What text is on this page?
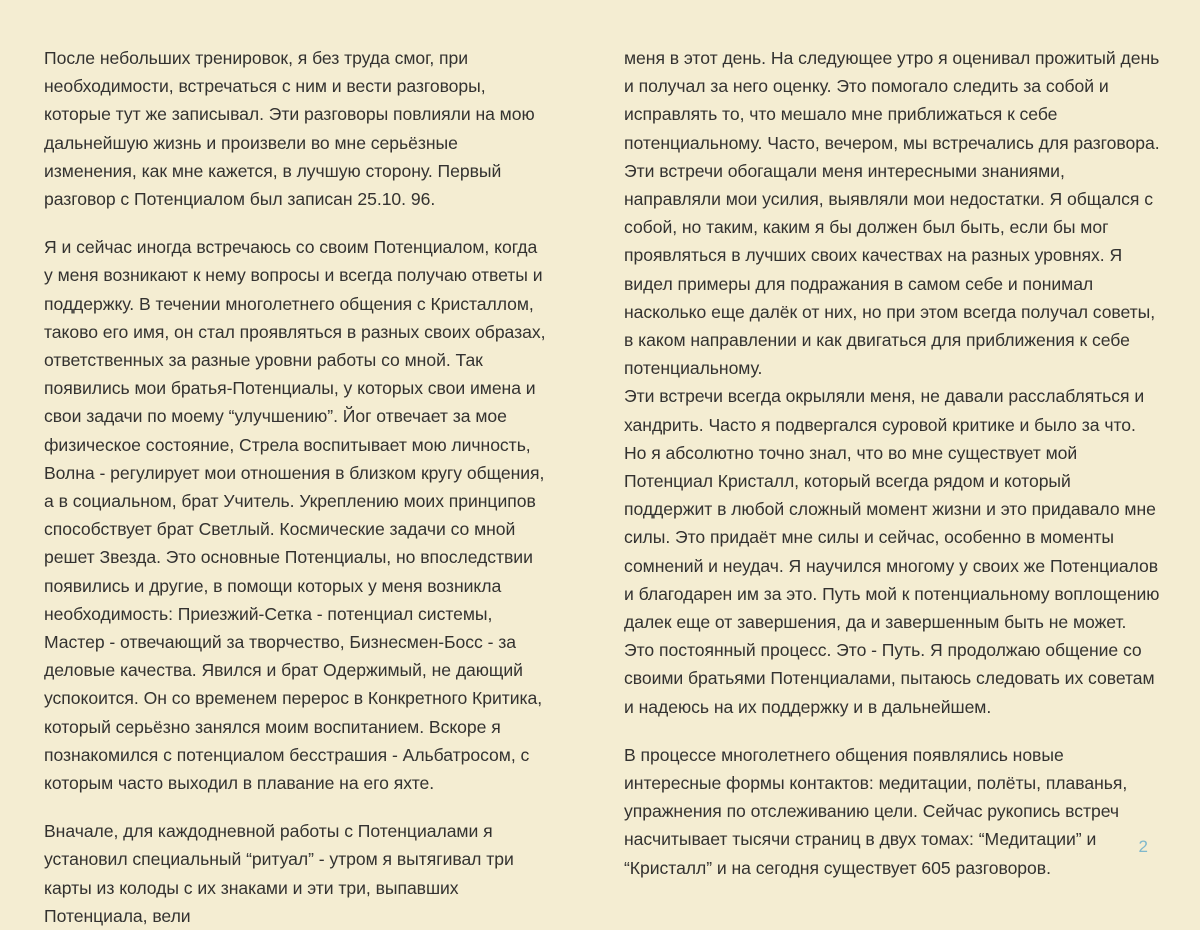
После небольших тренировок, я без труда смог, при необходимости, встречаться с ним и вести разговоры, которые тут же записывал. Эти разговоры повлияли на мою дальнейшую жизнь и произвели во мне серьёзные изменения, как мне кажется, в лучшую сторону. Первый разговор с Потенциалом был записан 25.10. 96.

Я и сейчас иногда встречаюсь со своим Потенциалом, когда у меня возникают к нему вопросы и всегда получаю ответы и поддержку. В течении многолетнего общения с Кристаллом, таково его имя, он стал проявляться в разных своих образах, ответственных за разные уровни работы со мной. Так появились мои братья-Потенциалы, у которых свои имена и свои задачи по моему “улучшению”. Йог отвечает за мое физическое состояние, Стрела воспитывает мою личность, Волна - регулирует мои отношения в близком кругу общения, а в социальном, брат Учитель. Укреплению моих принципов способствует брат Светлый. Космические задачи со мной решет Звезда. Это основные Потенциалы, но впоследствии появились и другие, в помощи которых у меня возникла необходимость: Приезжий-Сетка - потенциал системы, Мастер - отвечающий за творчество, Бизнесмен-Босс - за деловые качества. Явился и брат Одержимый, не дающий успокоится. Он со временем перерос в Конкретного Критика, который серьёзно занялся моим воспитанием. Вскоре я познакомился с потенциалом бесстрашия - Альбатросом, с которым часто выходил в плавание на его яхте.

Вначале, для каждодневной работы с Потенциалами я установил специальный “ритуал” - утром я вытягивал три карты из колоды с их знаками и эти три, выпавших Потенциала, вели

меня в этот день. На следующее утро я оценивал прожитый день и получал за него оценку. Это помогало следить за собой и исправлять то, что мешало мне приближаться к себе потенциальному. Часто, вечером, мы встречались для разговора. Эти встречи обогащали меня интересными знаниями, направляли мои усилия, выявляли мои недостатки. Я общался с собой, но таким, каким я бы должен был быть, если бы мог проявляться в лучших своих качествах на разных уровнях. Я видел примеры для подражания в самом себе и понимал насколько еще далёк от них, но при этом всегда получал советы, в каком направлении и как двигаться для приближения к себе потенциальному.

Эти встречи всегда окрыляли меня, не давали расслабляться и хандрить. Часто я подвергался суровой критике и было за что. Но я абсолютно точно знал, что во мне существует мой Потенциал Кристалл, который всегда рядом и который поддержит в любой сложный момент жизни и это придавало мне силы. Это придаёт мне силы и сейчас, особенно в моменты сомнений и неудач. Я научился многому у своих же Потенциалов и благодарен им за это. Путь мой к потенциальному воплощению далек еще от завершения, да и завершенным быть не может. Это постоянный процесс. Это - Путь. Я продолжаю общение со своими братьями Потенциалами, пытаюсь следовать их советам и надеюсь на их поддержку и в дальнейшем.

В процессе многолетнего общения появлялись новые интересные формы контактов: медитации, полёты, плаванья, упражнения по отслеживанию цели. Сейчас рукопись встреч насчитывает тысячи страниц в двух томах: “Медитации” и “Кристалл” и на сегодня существует 605 разговоров.

2
